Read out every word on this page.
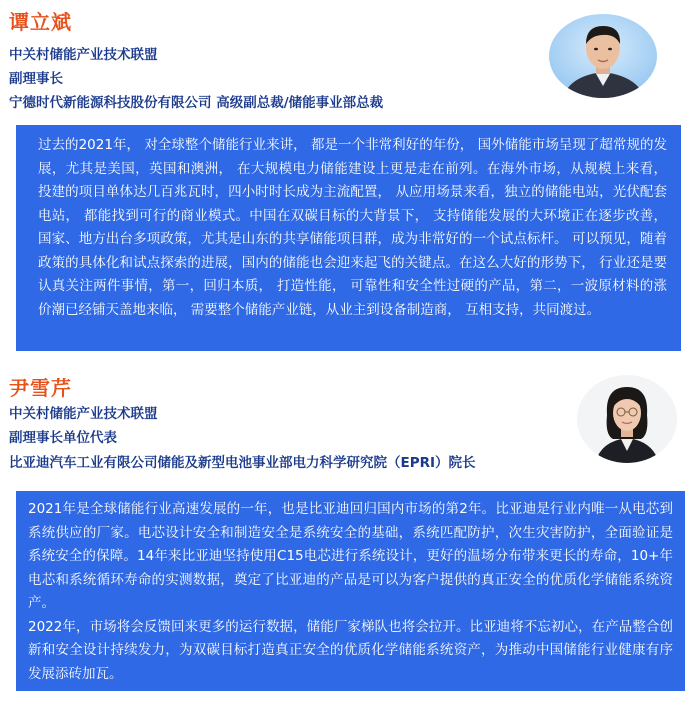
谭立斌
中关村储能产业技术联盟
副理事长
宁德时代新能源科技股份有限公司 高级副总裁/储能事业部总裁

过去的2021年， 对全球整个储能行业来讲， 都是一个非常利好的年份， 国外储能市场呈现了超常规的发展，尤其是美国，英国和澳洲， 在大规模电力储能建设上更是走在前列。在海外市场，从规模上来看， 投建的项目单体达几百兆瓦时，四小时时长成为主流配置， 从应用场景来看，独立的储能电站，光伏配套电站， 都能找到可行的商业模式。中国在双碳目标的大背景下， 支持储能发展的大环境正在逐步改善，国家、地方出台多项政策，尤其是山东的共享储能项目群，成为非常好的一个试点标杆。 可以预见，随着政策的具体化和试点探索的进展，国内的储能也会迎来起飞的关键点。在这么大好的形势下， 行业还是要认真关注两件事情，第一，回归本质， 打造性能， 可靠性和安全性过硬的产品，第二，一波原材料的涨价潮已经铺天盖地来临， 需要整个储能产业链，从业主到设备制造商， 互相支持，共同渡过。

尹雪芹
中关村储能产业技术联盟
副理事长单位代表
比亚迪汽车工业有限公司储能及新型电池事业部电力科学研究院（EPRI）院长

2021年是全球储能行业高速发展的一年，也是比亚迪回归国内市场的第2年。比亚迪是行业内唯一从电芯到系统供应的厂家。电芯设计安全和制造安全是系统安全的基础，系统匹配防护，次生灾害防护，全面验证是系统安全的保障。14年来比亚迪坚持使用C15电芯进行系统设计，更好的温场分布带来更长的寿命，10+年电芯和系统循环寿命的实测数据，奠定了比亚迪的产品是可以为客户提供的真正安全的优质化学储能系统资产。

2022年，市场将会反馈回来更多的运行数据，储能厂家梯队也将会拉开。比亚迪将不忘初心，在产品整合创新和安全设计持续发力，为双碳目标打造真正安全的优质化学储能系统资产，为推动中国储能行业健康有序发展添砖加瓦。
